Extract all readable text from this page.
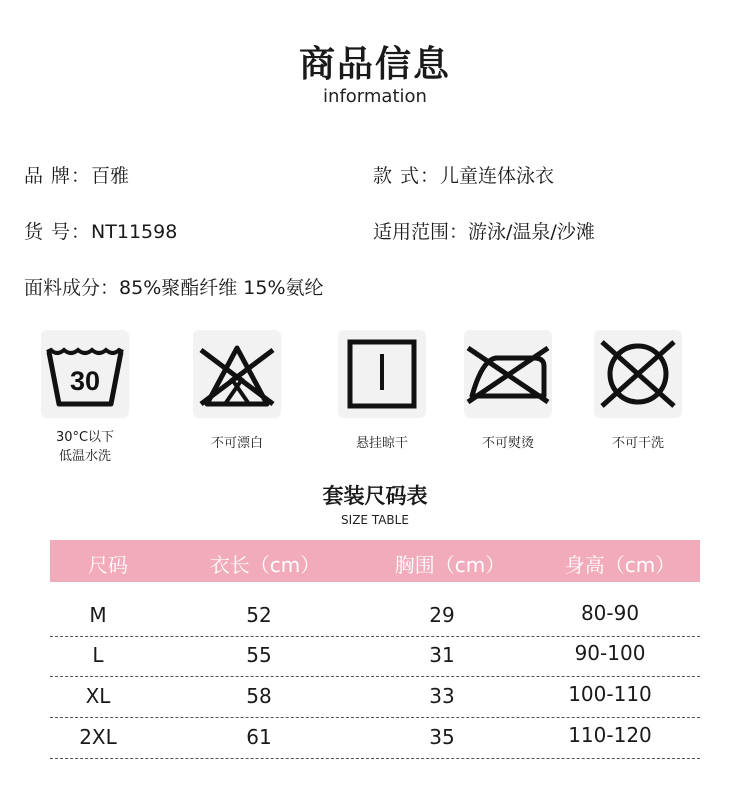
商品信息
information
品 牌：百雅	款 式：儿童连体泳衣
货 号：NT11598	适用范围：游泳/温泉/沙滩
面料成分：85%聚酯纤维 15%氨纶
30
30°C以下
低温水洗
不可漂白	悬挂晾干	不可熨烫	不可干洗
套装尺码表
SIZE TABLE
尺码	衣长（cm）	胸围（cm）	身高（cm）
M	52	29	80-90
L	55	31	90-100
XL	58	33	100-110
2XL	61	35	110-120
